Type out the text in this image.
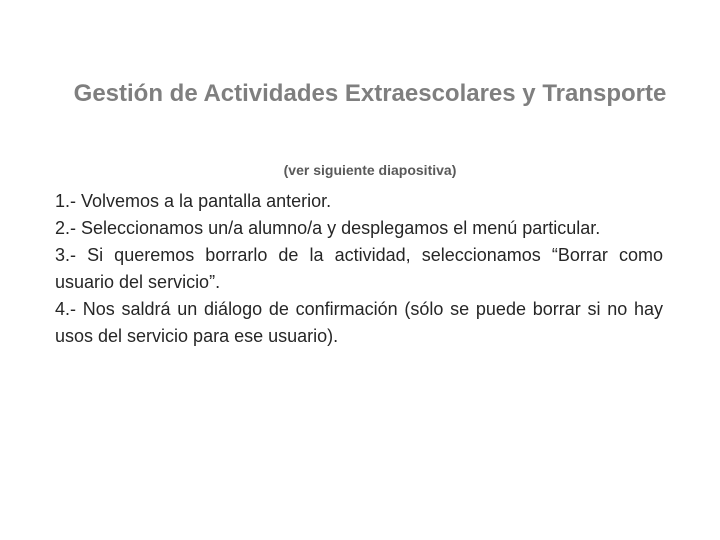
Gestión de Actividades Extraescolares y Transporte
(ver siguiente diapositiva)
1.- Volvemos a la pantalla anterior.
2.- Seleccionamos un/a alumno/a y desplegamos el menú particular.
3.- Si queremos borrarlo de la actividad, seleccionamos “Borrar como usuario del servicio”.
4.- Nos saldrá un diálogo de confirmación (sólo se puede borrar si no hay usos del servicio para ese usuario).
